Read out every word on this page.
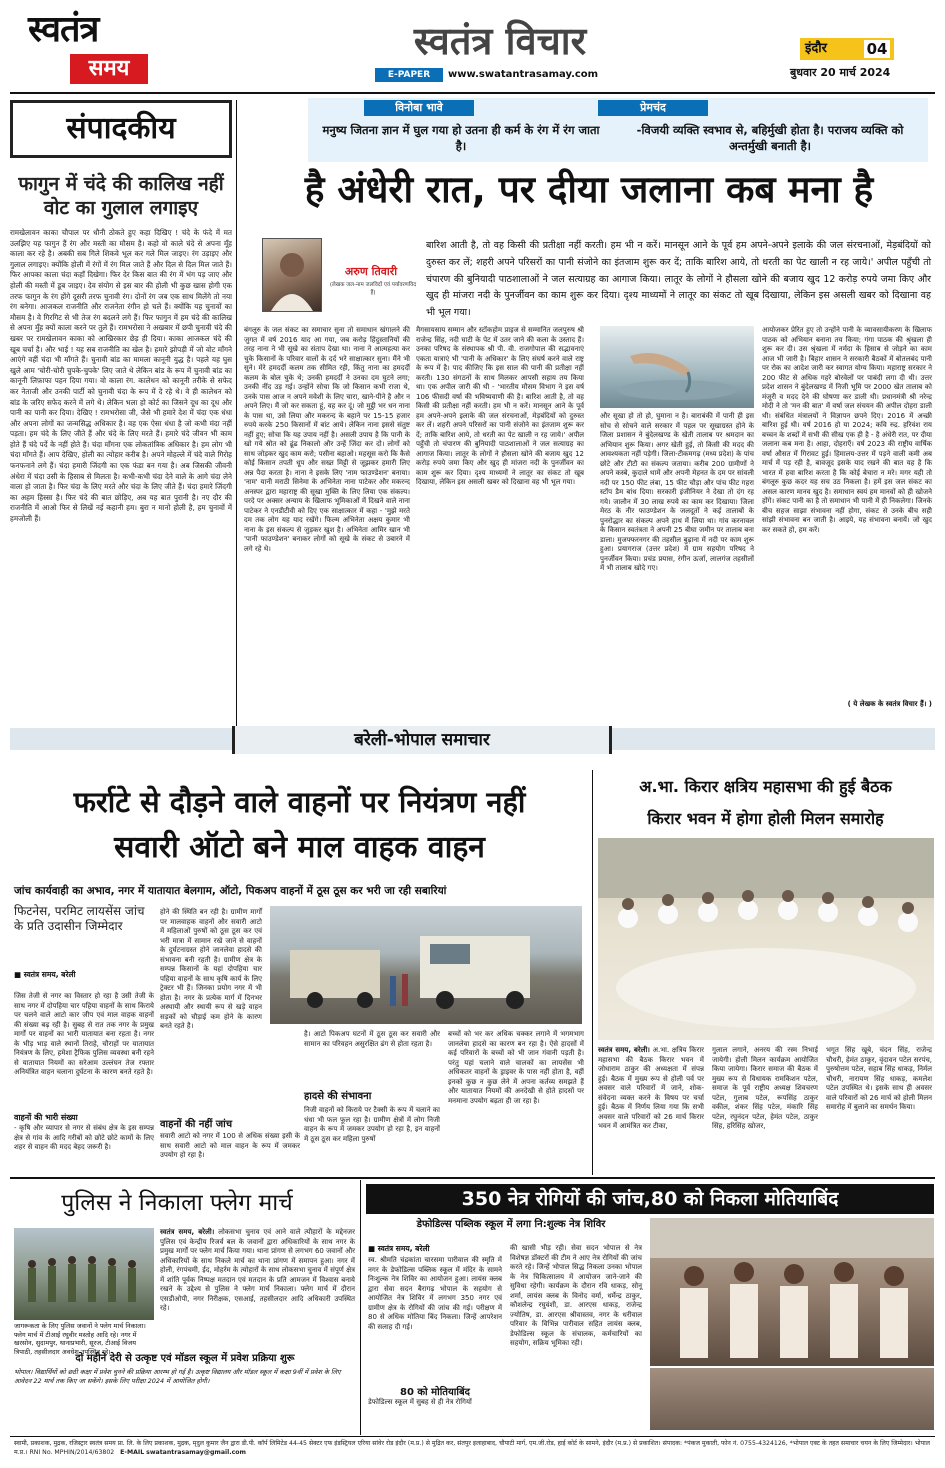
स्वतंत्र
समय
स्वतंत्र विचार
E-PAPER	www.swatantrasamay.com
इंदौर	04
बुधवार 20 मार्च 2024
संपादकीय
फागुन में चंदे की कालिख नहीं वोट का गुलाल लगाइए
रामखेलावन काका चौपाल पर धौनी ठोकते हुए कहा दिखिए ! चंदे के फंदे में मत उलझिए यह फागुन हैं रंग और मस्ती का मौसम है। कहो वो काले चंदे से अपना मूँह काला कर रहे है। अबकी सब गिले शिकवे भूल कर गले मिल जाइए। रंग उड़ाइए और गुलाल लगाइए। क्योंकि होली में रंगों में रंग मिल जाते हैं और दिल से दिल मिल जाते हैं। फिर आपका काला चंदा कहाँ दिखेगा। फिर देर किस बात की रंग में भंग पड़ जाए और होली की मस्ती में डूब जाइए। देव संयोग से इस बार की होली भी कुछ खास होगी एक तरफ फागुन के रंग होंगे दूसरी तरफ चुनावी रंग। दोनों रंग जब एक साथ मिलेंगे तो नया रंग बनेगा। आजकल राजनीति और राजनेता रंगीन हो चले हैं। क्योंकि यह चुनावों का मौसम है। वे गिरगिट से भी तेज रंग बदलने लगे हैं। फिर फागुन में हम चंदे की कालिख से अपना मुँह क्यों काला करने पर तुले हैं। रामभरोसा ने अखबार में छपी चुनावी चंदे की खबर पर रामखेलावन काका को आखिरकार छेड़ ही दिया। काका आजकल चंदे की खूब चर्चा है। और भाई ! यह सब राजनीति का खेल है। हमारे झोपड़ी में जो वोट माँगने आएंगे वहीं चंदा भी माँगते हैं। चुनावी बांड का मामला कानूनी युद्ध है। पहले यह घुस खुले आम 'चोरी-चोरी चुपके-चुपके' लिए जाते थे लेकिन बांड के रूप में चुनावी बांड का कानूनी लिफ़ाफा पहन दिया गया। वो काला रंग. कालेधन को कानूनी तरीके से सफेद कर नेताजी और उनकी पार्टी को चुनावी चंदा के रूप में दे रहे थे। वे ही कालेधन को बांड के जरिए सफेद करने में लगे थे। लेकिन भला हो कोर्ट का जिसने दूध का दूध और पानी का पानी कर दिया। देखिए ! रामभरोसा जी, जैसे भी हमारे देश में चंदा एक धंधा और अपना लोगों का जन्मसिद्ध अधिकार है। वह एक ऐसा धंधा है जो कभी मंदा नहीं पड़ता। हम चंदे के लिए जीते हैं और चंदे के लिए मरते हैं। हमारे चंदे जीवन भी काम होते हैं चंदे पर्दे के नहीं होते हैं। चंदा माँगना एक लोकतांत्रिक अधिकार है। हम लोग भी चंदा माँगते हैं। आप देखिए, होली का त्योहार करीब है। अपने मोहल्ले में चंदे वाले गिरोह फनफनाने लगे हैं। चंदा हमारी जिंदगी का एक फंडा बन गया है। अब जिसकी जीवनी अंधेरा में चंदा उसी के हिसाब से मिलता है। कभी-कभी चंदा देने वाले के आगे चंदा लेने वाला हो जाता है। फिर चंदा के लिए मरते और चंदा के लिए जीते हैं। चंदा हमारे जिंदगी का अहम हिस्सा है। फिर चंदे की बात छोड़िए, अब यह बात पुरानी है। नए दौर की राजनीति में आओ फिर से लिखें नई कहानी हम। बुरा न मानो होली है, हम चुनावों में हमजोली हैं।
विनोबा भावे
मनुष्य जितना ज्ञान में घुल गया हो उतना ही कर्म के रंग में रंग जाता है।
प्रेमचंद
-विजयी व्यक्ति स्वभाव से, बहिर्मुखी होता है। पराजय व्यक्ति को अन्तर्मुखी बनाती है।
है अंधेरी रात, पर दीया जलाना कब मना है
अरुण तिवारी
(लेखक जल-नाम जलविदों एवं पर्यावरणविद हैं)
बारिश आती है, तो वह किसी की प्रतीक्षा नहीं करती। हम भी न करें। मानसून आने के पूर्व हम अपने-अपने इलाके की जल संरचनाओं, मेड़बंदियों को दुरुस्त कर लें; शहरी अपने परिसरों का पानी संजोने का इंतजाम शुरू कर दें; ताकि बारिश आये, तो धरती का पेट खाली न रह जाये।' अपील पहुँची तो चंपारण की बुनियादी पाठशालाओं ने जल सत्याग्रह का आगाज किया। लातूर के लोगों ने हौसला खोने की बजाय खुद 12 करोड़ रुपये जमा किए और खुद ही मांजरा नदी के पुनर्जीवन का काम शुरू कर दिया। दृश्य माध्यमों ने लातूर का संकट तो खूब दिखाया, लेकिन इस असली खबर को दिखाना वह भी भूल गया।
बंगलूरु के जल संकट का समाचार सुना तो समाधान खंगालने की जुगत में वर्ष 2016 याद आ गया, जब करोड़ हिंदुस्तानियों की तरह नाना ने भी सूखे का संताप देखा था। नाना ने आत्महत्या कर चुके किसानों के परिवार वालों के दर्द भरे साक्षात्कार सुना। मैंने भी सुने। मेरे हमदर्दी कलम तक सीमित रही, किंतु नाना का हमदर्दी कलम के बोल चुके थे; उनकी हमदर्दी ने उनका दम घुटने लगा; उनकी नींद उड़ गई। उन्होंने सोचा कि जो किसान कभी राजा थे, उनके पास आज न अपने मवेशी के लिए चारा, खाने-पीने है और न अपने लिए। मैं जो कर सकता हूं, वह कर दूं। जो मुट्ठी भर धन नाना के पास था, उसे लिया और मकरन्द के बहाने पर 15-15 हजार रुपये करके 250 किसानों में बांट आये। लेकिन नाना इससे संतुष्ट नहीं हुए; सोचा कि यह उपाय नहीं है। असली उपाय है कि पानी के खो गये स्रोत को ढूंढ निकालो और उन्हें जिंदा कर दो। लोगों को साथ जोड़कर खुद काम करो; पसीना बहाओ। महसूस करो कि कैसे कोई किसान तपती धूप और सख्त मिट्टी से जूझकर हमारी लिए अन्न पैदा करता है। नाना ने इसके लिए 'नाम फाउण्डेशन' बनाया। 'नाम' यानी मराठी सिनेमा के अभिनेता नाना पाटेकर और मकरन्द अनस्पर द्वारा महाराष्ट्र की सूखा मुक्ति के लिए लिया एक संकल्प। परदे पर अक्सर अन्याय के खिलाफ भूमिकाओं में दिखने वाले नाना पाटेकर ने एनडीटीवी को दिए एक साक्षात्कार में कहा - 'मुझे मरते दम तक लोग यह याद रखेंगे। फिल्म अभिनेता अक्षय कुमार भी नाना के इस संकल्प से जुड़कर खुश है। अभिनेता आमिर खान भी 'पानी फाउण्डेशन' बनाकर लोगों को सूखे के संकट से उबारने में लगे रहे थे।
मैगसायसाय सम्मान और स्टॉकहोम प्राइज से सम्मानित जलपुरुष श्री राजेन्द्र सिंह, नदी घाटी के पेट में उतर जाने की कला के उस्ताद हैं। उनका परिषद के संस्थापक श्री पी. वी. राजगोपाल की सद्भावनाएं एकता यात्राएं भी 'पानी के अधिकार' के लिए संघर्ष करने वाले राष्ट्र के रूप में है। पाद कीजिए कि इस साल की पानी की प्रतीक्षा नहीं करती। 130 संगठनों के साथ मिलकर आपसी सहाय तय किया था। एक अपील जारी की थी - 'भारतीय मौसम विभाग ने इस वर्ष 106 फीसदी वर्षा की भविष्यवाणी की है। बारिश आती है, तो वह किसी की प्रतीक्षा नहीं करती। हम भी न करें। मानसून आने के पूर्व हम अपने-अपने इलाके की जल संरचनाओं, मेड़बंदियों को दुरुस्त कर लें। शहरी अपने परिसरों का पानी संजोने का इंतजाम शुरू कर दें; ताकि बारिश आये, तो धरती का पेट खाली न रह जाये।' अपील पहुँची तो चंपारण की बुनियादी पाठशालाओं ने जल सत्याग्रह का आगाज किया। लातूर के लोगों ने हौसला खोने की बजाय खुद 12 करोड़ रुपये जमा किए और खुद ही मांजरा नदी के पुनर्जीवन का काम शुरू कर दिया। दृश्य माध्यमों ने लातूर का संकट तो खूब दिखाया, लेकिन इस असली खबर को दिखाना वह भी भूल गया।
और सूखा हो तो हो, घुमाना न है। बाराबंकी में पानी ही इस सोच से सोचने वाले सरकार में पहल पर सूखाग्रस्त होने के जिला प्रशासन ने बुंदेलखण्ड के खेती तालाब पर श्रमदान का अभियान शुरू किया। अगर खेती हुई, तो किसी की मदद की आवश्यकता नहीं पड़ेगी। जिला-टीकमगढ़ (मध्य प्रदेश) के पांच छोटे और टीटौ का संकल्प जताया। करीब 200 ग्रामीणों ने अपने कस्बे, कुदाले थामें और अपनी मेहनत के दम पर सांवली नदी पर 150 फीट लंबा, 15 फीट चौड़ा और पांच फीट गहरा स्टॉप डैम बांध दिया। सरकारी इंजीनियर ने देखा तो दंग रह गये। जालौन में 30 लाख रुपये का काम कर दिखाया। जिला मेरठ के नीर फाउण्डेशन के जलदूतों ने कई तालाबों के पुनरोद्धार का संकल्प अपने हाथ में लिया था। गांव करनावल के किसान स्वतंत्रता ने अपनी 25 बीघा जमीन पर तालाब बना डाला। मुजफ्फरनगर की तहसील बुढ़ाना में नदी पर काम शुरू हुआ। प्रयागराज (उत्तर प्रदेश) में ग्राम सहयोग परिषद ने पुनर्जीवन किया। प्रचंड प्रयास, रंगीन ऊर्जा, लालगंज तहसीलों में भी तालाब खोदे गए।
आयोजकर प्रेरित हुए तो उन्होंने पानी के व्यावसायीकरण के खिलाफ पाठक को अभियान बनाना तय किया; गंगा पाठक की श्रृंखला ही शुरू कर दी। उस श्रृंखला में नर्मदा के हिसाब से जोड़ने का काम आज भी जारी है। बिहार शासन ने सरकारी बैठकों में बोतलबंद पानी पर रोक का आदेश जारी कर स्वागत योग्य किया। महाराष्ट्र सरकार ने 200 फीट से अधिक गहरे बोरवेलों पर पाबंदी लगा दी थी। उत्तर प्रदेश शासन ने बुंदेलखण्ड में निजी भूमि पर 2000 खेत तालाब को मंजूरी व मदद देने की घोषणा कर डाली थी। प्रधानमंत्री श्री नरेन्द्र मोदी ने तो 'मन की बात' में वर्षा जल संचयन की अपील दोहरा डाली थी। संबंधित मंत्रालयों ने विज्ञापन छपने दिए। 2016 में अच्छी बारिश हुई थी। वर्ष 2016 हो या 2024; कवि रुद्र. हरिवंश राय बच्चन के शब्दों में सभी की सीख एक ही है - है अंधेरी रात, पर दीया जलाना कब मना है। आहा, दोहराएँ। वर्ष 2023 की राष्ट्रीय वार्षिक वर्षा औसत में गिरावट हुई। हिमालय-उत्तर में पड़ने वाली कमी अब मार्च में पड़ रही है, बावजूद इसके याद रखने की बात यह है कि भारत में हवा बारिश करता है कि कोई बेचारा न मरे। मगर यही तो बंगलूरु कुछ कदर यह सच उठ निकला है। हमें इस जल संकट का असल कारण मानव खुद है। समाधान स्वयं हम मानवों को ही खोजने होंगे। संकट पानी का है तो समाधान भी पानी में ही निकलेगा। जिनके बीच सहज साझा संभावना नहीं होगा, संकट से उनके बीच सही सांझी संभावना बन जाती है। आइये, यह संभावना बनायें। जो खुद कर सकते हो, हम करें।
( ये लेखक के स्वतंत्र विचार हैं। )
बरेली-भोपाल समाचार
फर्राटे से दौड़ने वाले वाहनों पर नियंत्रण नहीं
सवारी ऑटो बने माल वाहक वाहन
जांच कार्यवाही का अभाव, नगर में यातायात बेलगाम, ऑटो, पिकअप वाहनों में ठूस ठूस कर भरी जा रही सबारियां
फिटनेस, परमिट लायसेंस जांच के प्रति उदासीन जिम्मेदार
■ स्वतंत्र समय, बरेली
जिस तेजी से नगर का विस्तार हो रहा है उसी तेजी के साथ नगर में दोपहिया चार पहिया वाहनों के साथ किराये पर चलने वाले आटो कार जीप एवं माल वाहक वाहनों की संख्या बढ़ रही है। सुबह से रात तक नगर के प्रमुख मार्गों पर वाहनों का भारी यातायात बना रहता है। नगर के भीड़ भाड़ वाले स्थानों तिराहे, चौराहों पर यातायात नियंत्रण के लिए, हमेशा ट्रैफिक पुलिस व्यवस्था बनी रहने से यातायात नियमों का सरेआम उल्लंघन तेज रफ्तार अनियंत्रित वाहन चलाना दुर्घटना के कारण बनते रहते है।
वाहनों की भारी संख्या
- कृषि और व्यापार से नगर से संबंध क्षेत्र के इस सम्पन्न क्षेत्र से गांव के आदि गरीबों को छोटे छोटे कामों के लिए शहर से वाहन की मदद बेहद जरूरी है।
होने की स्थिति बन रही है। ग्रामीण मार्गों पर मालवाहक वाहनों और सवारी आटो में महिलाओं पुरुषों को ठूस ठूस कर एवं भरी मात्रा में सामान रखे जाने से वाहनों के दुर्घटनाग्रस्त होने जानलेवा हादसे की संभावना बनी रहती है। ग्रामीण क्षेत्र के सम्पन्न किसानों के यहां दोपहिया चार पहिया वाहनों के साथ कृषि कार्य के लिए ट्रेक्टर भी हैं। जिनका प्रयोग नगर में भी होता है। नगर के प्रत्येक मार्ग में दिनभर अस्थायी और स्थायी रूप से खड़े वाहन सड़कों को चौड़ाई कम होने के कारण बनते रहते है।
वाहनों की नहीं जांच
सवारी आटो को नगर में 100 से अधिक संख्या इसी के साथ सवारी आटो को माल वाहन के रूप में जमकर उपयोग हो रहा है।
है। आटो पिकअप घटनों में ठूस ठूस कर सवारी और सामान का परिवहन असुरक्षित ढंग से होता रहता है।
हादसे की संभावना
निजी वाहनों को किराये पर टैक्सी के रूप में चलाने का धंधा भी फल फूल रहा है। ग्रामीण क्षेत्रों में लोग निजी वाहन के रूप में जमकर उपयोग हो रहा है, इन वाहनों में ठूस ठूस कर महिला पुरुषों
बच्चों को भर कर अधिक चक्कर लगाने में भगमभाग जानलेवा हादसे का कारण बन रहा है। ऐसे हादसों में कई परिवारों के बच्चों को भी जान गंवानी पड़ती है। परंतु यहां चलाने वाले चालकों का लायसेंस भी अधिकतर वाहनों के ड्राइवर के पास नहीं होता है, वहीं इनको कुछ न कुछ लेने में अपना कर्तव्य समझते हैं और यातायात नियमों की अनदेखी से होते हादसों पर मनमाना उपयोग बढ़ता ही जा रहा है।
अ.भा. किरार क्षत्रिय महासभा की हुई बैठक
किरार भवन में होगा होली मिलन समारोह
स्वतंत्र समय, बरेली। अ.भा. क्षत्रिय किरार महासभा की बैठक किरार भवन में जोधाराम ठाकुर की अध्यक्षता में संपन्न हुई। बैठक में मुख्य रूप से होली पर्व पर अवसर वाले परिवारों में जाने, शोक-संवेदना व्यक्त करने के विषय पर चर्चा हुई। बैठक में निर्णय लिया गया कि सभी अवसर वाले परिवारों को 26 मार्च किरार भवन में आमंत्रित कर टीका,
गुलाल लगाने, अनरय की रस्म निभाई जायेगी। होली मिलन कार्यक्रम आयोजित किया जायेगा। किरार समाज की बैठक में मुख्य रूप से विधायक रामकिशन पटेल, समाज के पूर्व राष्ट्रीय अध्यक्ष शिवचरण पटेल, गुलाब पटेल, रूपसिंह ठाकुर वकील, शंकर सिंह पटेल, मंकारि सिंह पटेल, रघुनंदन पटेल, हेमंत पटेल, ठाकुर सिंह, हरिसिंह खोजर,
भगूत सिंह खूबे, चंदन सिंह, राजेन्द्र चौधरी, हेमंत ठाकुर, वृंदावन पटेल सरपंच, पुरुषोत्तम पटेल, सहाब सिंह धाकड़, निर्मल चौधरी, नारायण सिंह धाकड़, कमलेश पटेल उपस्थित थे। इसके साथ ही अवसर वाले परिवारों को 26 मार्च को होली मिलन समारोह में बुलाने का समर्थन किया।
पुलिस ने निकाला फ्लेग मार्च
जागरूकता के लिए पुलिस जवानों ने फ्लेग मार्च निकाला। फ्लेग मार्च में टीआई रघुवीर मस्तोह आदि रहे। नगर में खरसोन, सुदामपुर, थानाप्रभारी, सूरज, टीआई विजय त्रिपाठी, तहसीलदार अवधेश उपस्थित रहे।
स्वतंत्र समय, बरेली। लोकसभा चुनाव एवं आने वाले त्यौहारों के मद्देनजर पुलिस एवं केन्द्रीय रिजर्व बल के जवानों द्वारा अधिकारियों के साथ नगर के प्रमुख मार्गों पर फ्लेग मार्च किया गया। थाना प्रांगण से लगभग 60 जवानों और अधिकारियों के साथ निकले मार्च का थाना प्रांगण में समापन हुआ। नगर में होली, रंगपंचमी, ईद, मोहर्रम के त्योहारों के साथ लोकसभा चुनाव में संपूर्ण क्षेत्र में शांति पूर्वक निष्पक्ष मतदान एवं मतदान के प्रति आमजन में विश्वास बनाये रखने के उद्देश्य से पुलिस ने फ्लेग मार्च निकाला। फ्लेग मार्च में दौरान एसडीओपी, नगर निरीक्षक, एसआई, तहसीलदार आदि अधिकारी उपस्थित रहे।
दो महीने देरी से उत्कृष्ट एवं मॉडल स्कूल में प्रवेश प्रक्रिया शुरू
भोपाल। विद्यार्थियों को छठी कक्षा में प्रवेश चुनने की प्रक्रिया आरम्भ हो गई है। उत्कृष्ट विद्यालय और मॉडल स्कूल में कक्षा 9वीं में प्रवेश के लिए आवेदन 22 मार्च तक किए जा सकेंगे। इसके लिए परीक्षा 2024 में आयोजित होगी।
350 नेत्र रोगियों की जांच,80 को निकला मोतियाबिंद
डेफोडिल्स पब्लिक स्कूल में लगा नि:शुल्क नेत्र शिविर
■ स्वतंत्र समय, बरेली
स्व. श्रीमति चंद्रकांता चारसमा पारीवाल की स्मृति में नगर के डेफोडिल्स पब्लिक स्कूल में मंदिर के सामने निःशुल्क नेत्र शिविर का आयोजन हुआ। लायंस क्लब द्वारा सेवा सदन बैरागढ़ भोपाल के सहयोग से आयोजित नेत्र शिविर में लगभग 350 नगर एवं ग्रामीण क्षेत्र के रोगियों की जांच की गई। परीक्षण में 80 से अधिक मोतिया बिंद निकला। जिन्हें आपरेशन की सलाह दी गई।
80 को मोतियाबिंद
डेफोडिल्स स्कूल में सुबह से ही नेत्र रोगियों
की खासी भीड़ रही। सेवा सदन भोपाल से नेत्र विशेषज्ञ डॉक्टरों की टीम ने आए नेत्र रोगियों की जांच करते रहे। जिन्हें भोपाल सिद्ध निकला उनका भोपाल के नेत्र चिकित्सालय में आयोजन जाने-जाने की सुविधा रहेगी। कार्यक्रम के दौरान रवि धाकड़, सोनू शर्मा, लायंस क्लब के विनोद वर्मा, धर्मेन्द्र ठाकुर, कौशलेन्द्र रघुवंशी, डा. आरएस धाकड़, राजेन्द्र ज्योतिष, डा. आरएस श्रीवास्तव, नगर के धरीवाल परिवार के विभिन्न पारीवाल सहित लायंस क्लब, डेफोडिल्स स्कूल के संचालक, कर्मचारियों का सहयोग, सक्रिय भूमिका रही।
स्वामी, प्रकाशक, मुद्रक, रजिस्ट्रार स्वतंत्र समय प्रा. लि. के लिए प्रकाशक, मुद्रक, मृदुल कुमार जैन द्वारा डी.पी. कॉर्प लिमिटेड 44-45 सेक्टर एफ इंडस्ट्रियल एरिया सांवेर रोड इंदौर (म.प्र.) से मुद्रित कर, संतपुर इलाहाबाद, चौपाटी मार्ग, एम.जी.रोड, हाई कोर्ट के सामने, इंदौर (म.प्र.) से प्रकाशित। संपादक: *पंकज मुकाती, फोन नं. 0755-4324126, *भोपाल एक्ट के तहत समाचार चयन के लिए जिम्मेदार। भोपाल म.प्र.। RNI No. MPHIN/2014/63802 E-MAIL swatantrasamay@gmail.com
